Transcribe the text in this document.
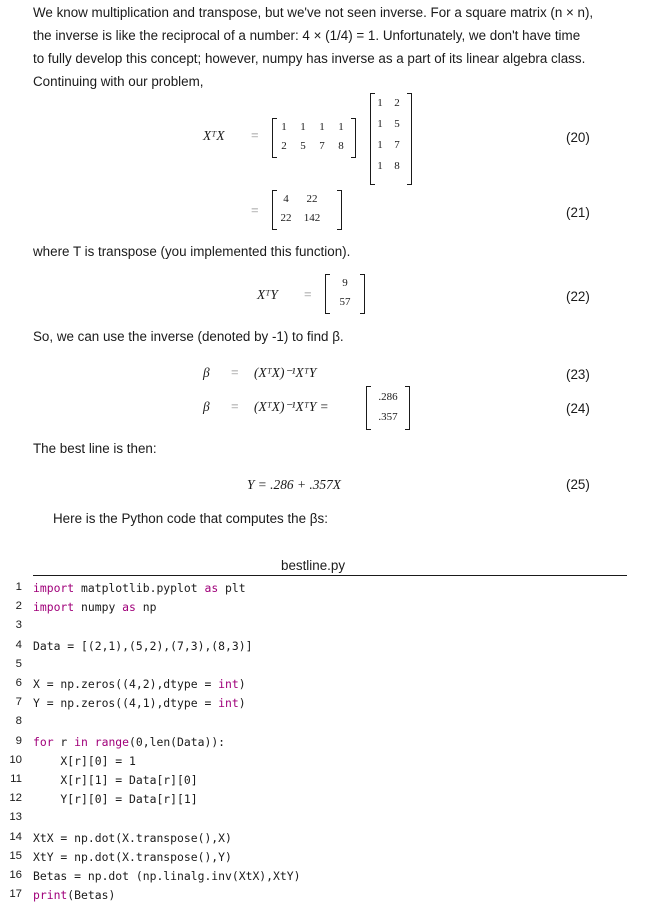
We know multiplication and transpose, but we've not seen inverse. For a square matrix (n × n),
the inverse is like the reciprocal of a number: 4 × (1/4) = 1. Unfortunately, we don't have time
to fully develop this concept; however, numpy has inverse as a part of its linear algebra class.
Continuing with our problem,
XᵀX =
1	1	1	1
2	5	7	8
1	2
1	5
1	7
1	8
(20)
=
4	22
22	142	(21)
where T is transpose (you implemented this function).
XᵀY =
9
57	(22)
So, we can use the inverse (denoted by -1) to find β.
β = (XᵀX)⁻¹XᵀY	(23)
β = (XᵀX)⁻¹XᵀY =
.286
.357
(24)
The best line is then:
Y = .286 + .357X	(25)
Here is the Python code that computes the βs:
bestline.py
1 import matplotlib.pyplot as plt
2 import numpy as np
3
4 Data = [(2,1),(5,2),(7,3),(8,3)]
5
6 X = np.zeros((4,2),dtype = int)
7 Y = np.zeros((4,1),dtype = int)
8
9 for r in range(0,len(Data)):
10 X[r][0] = 1
11 X[r][1] = Data[r][0]
12 Y[r][0] = Data[r][1]
13
14 XtX = np.dot(X.transpose(),X)
15 XtY = np.dot(X.transpose(),Y)
16 Betas = np.dot (np.linalg.inv(XtX),XtY)
17 print(Betas)
